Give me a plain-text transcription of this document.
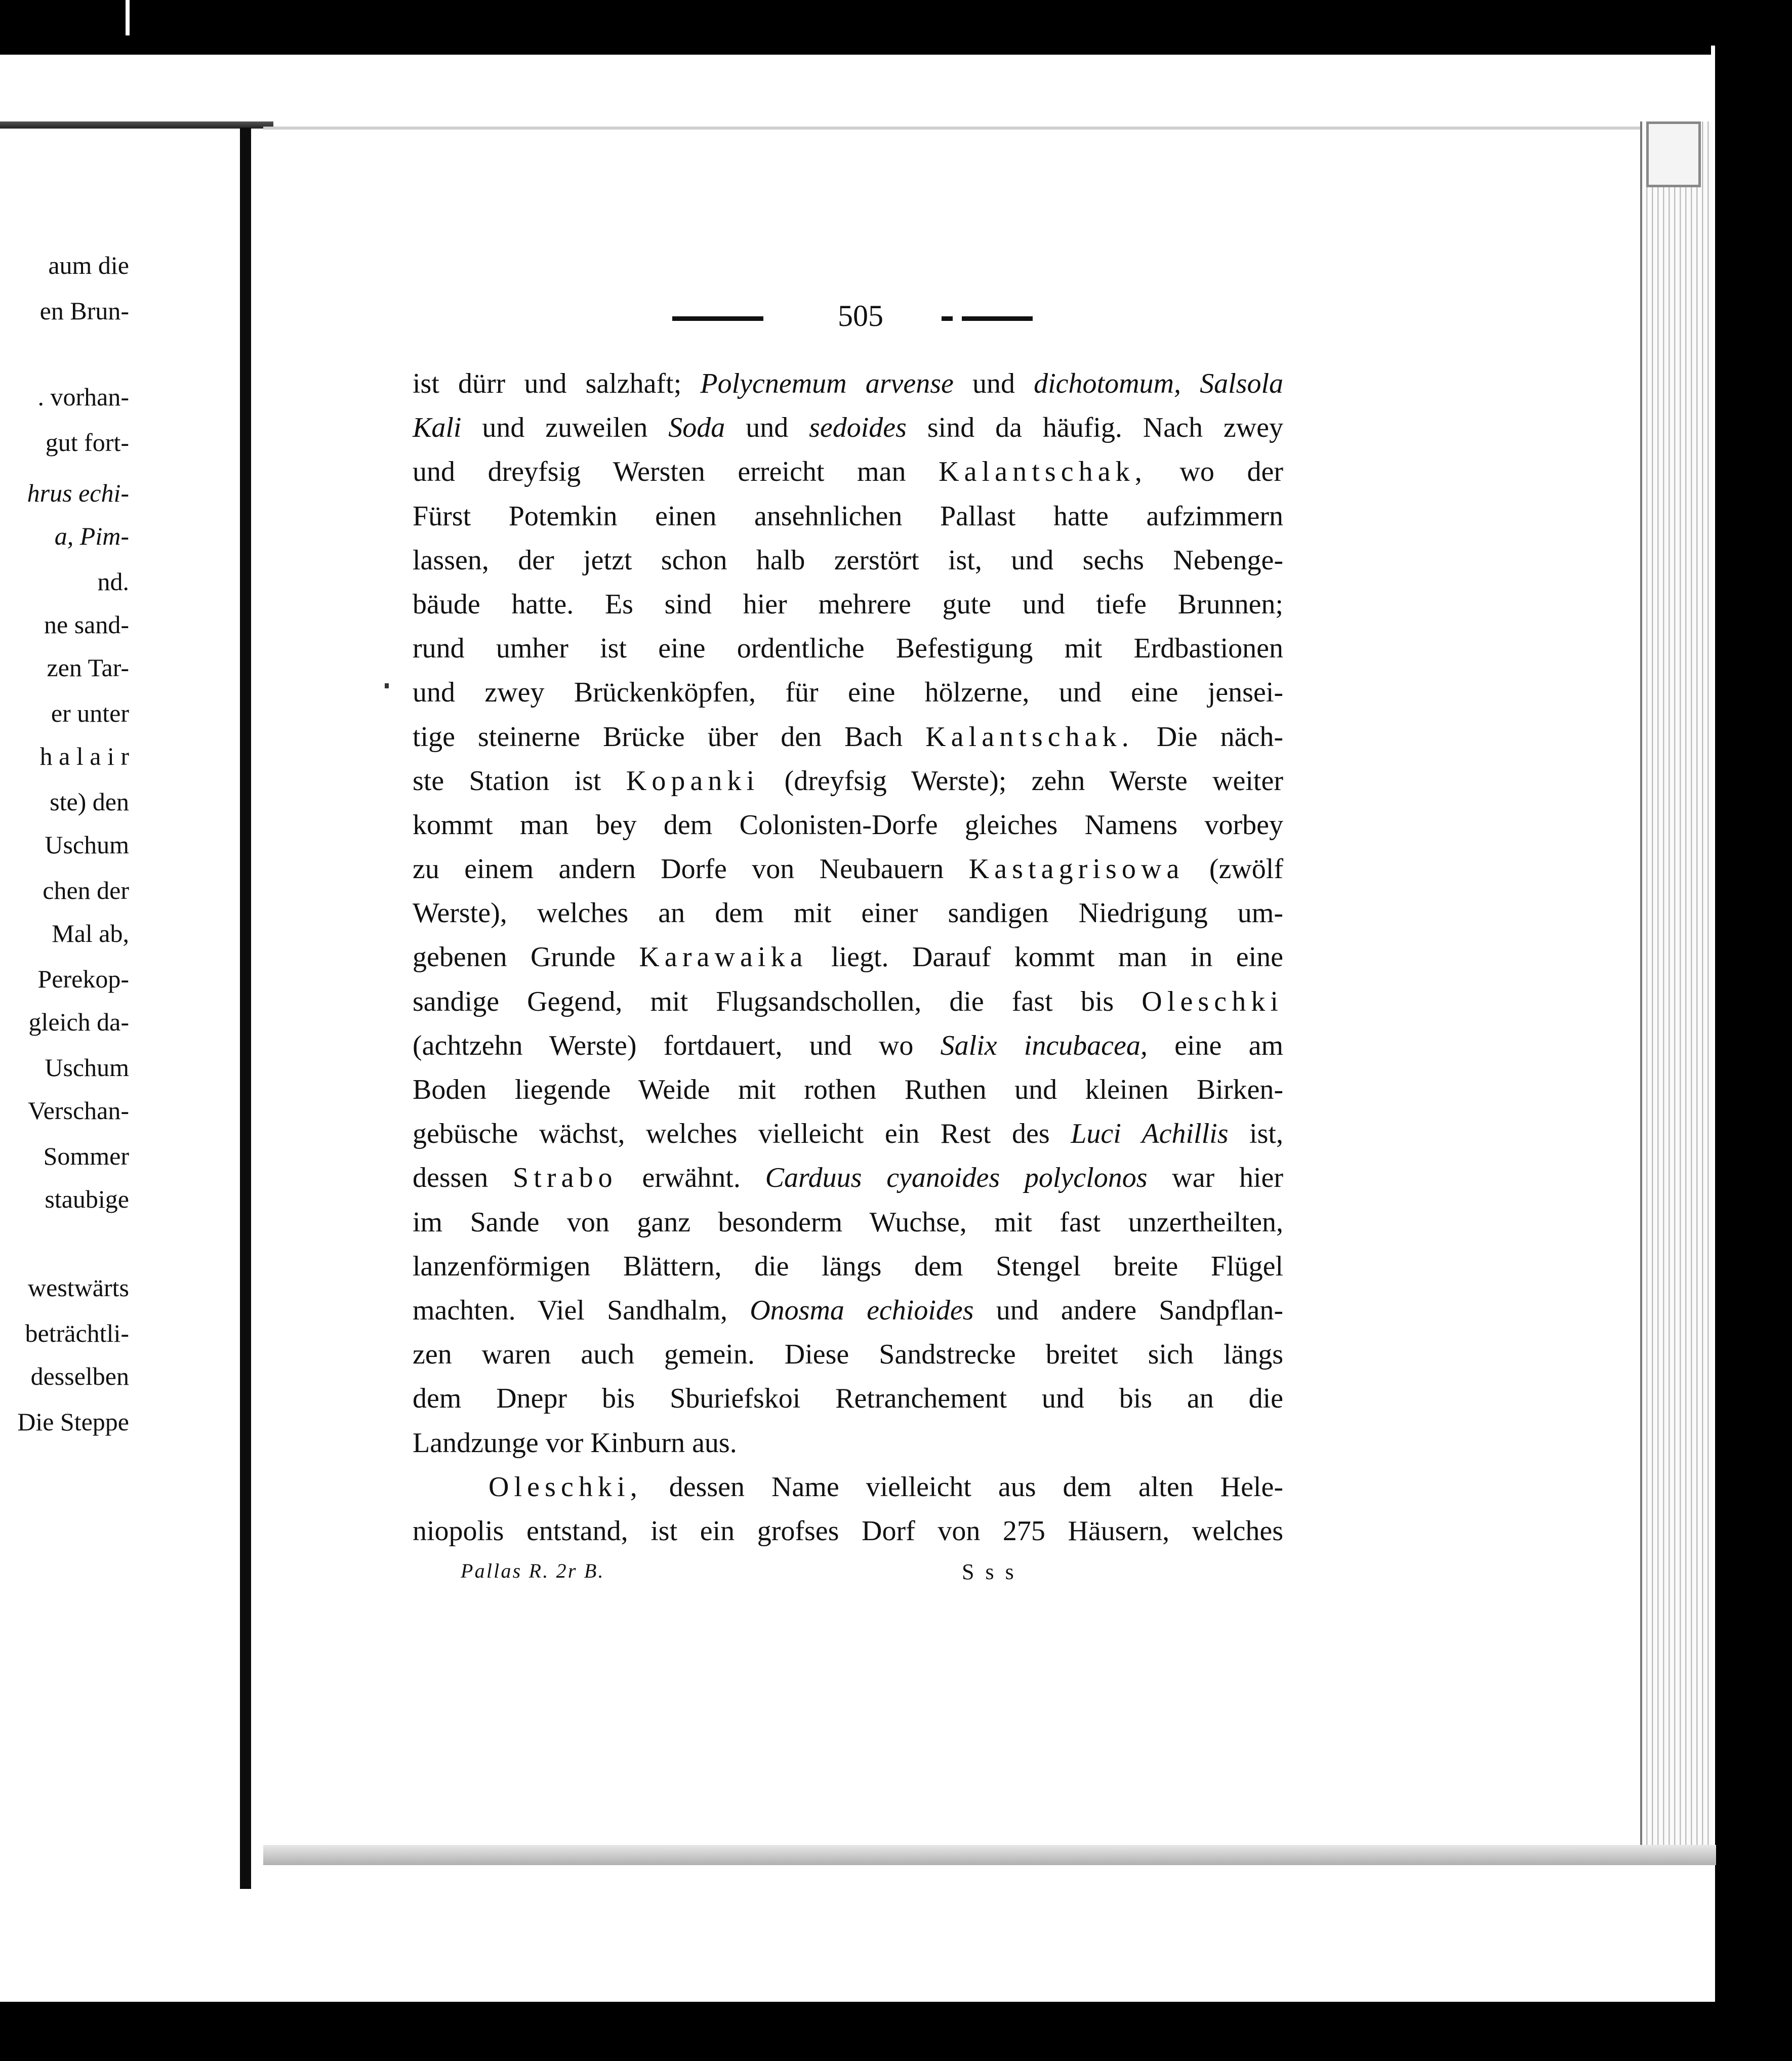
aum die
en Brun-
. vorhan-
gut fort-
hrus echi-
a, Pim-
nd.
ne sand-
zen Tar-
er unter
h a l a i r
ste) den
Uschum
chen der
Mal ab,
Perekop-
gleich da-
Uschum
Verschan-
Sommer
staubige
westwärts
beträchtli-
desselben
Die Steppe
505
ist dürr und salzhaft; Polycnemum arvense und dichotomum, Salsola
Kali und zuweilen Soda und sedoides sind da häufig. Nach zwey
und dreyfsig Wersten erreicht man Kalantschak, wo der
Fürst Potemkin einen ansehnlichen Pallast hatte aufzimmern
lassen, der jetzt schon halb zerstört ist, und sechs Nebenge-
bäude hatte. Es sind hier mehrere gute und tiefe Brunnen;
rund umher ist eine ordentliche Befestigung mit Erdbastionen
und zwey Brückenköpfen, für eine hölzerne, und eine jensei-
tige steinerne Brücke über den Bach Kalantschak. Die näch-
ste Station ist Kopanki (dreyfsig Werste); zehn Werste weiter
kommt man bey dem Colonisten-Dorfe gleiches Namens vorbey
zu einem andern Dorfe von Neubauern Kastagrisowa (zwölf
Werste), welches an dem mit einer sandigen Niedrigung um-
gebenen Grunde Karawaika liegt. Darauf kommt man in eine
sandige Gegend, mit Flugsandschollen, die fast bis Oleschki
(achtzehn Werste) fortdauert, und wo Salix incubacea, eine am
Boden liegende Weide mit rothen Ruthen und kleinen Birken-
gebüsche wächst, welches vielleicht ein Rest des Luci Achillis ist,
dessen Strabo erwähnt. Carduus cyanoides polyclonos war hier
im Sande von ganz besonderm Wuchse, mit fast unzertheilten,
lanzenförmigen Blättern, die längs dem Stengel breite Flügel
machten. Viel Sandhalm, Onosma echioides und andere Sandpflan-
zen waren auch gemein. Diese Sandstrecke breitet sich längs
dem Dnepr bis Sburiefskoi Retranchement und bis an die
Landzunge vor Kinburn aus.
Oleschki, dessen Name vielleicht aus dem alten Hele-
niopolis entstand, ist ein grofses Dorf von 275 Häusern, welches
Pallas R. 2r B.	Sss
